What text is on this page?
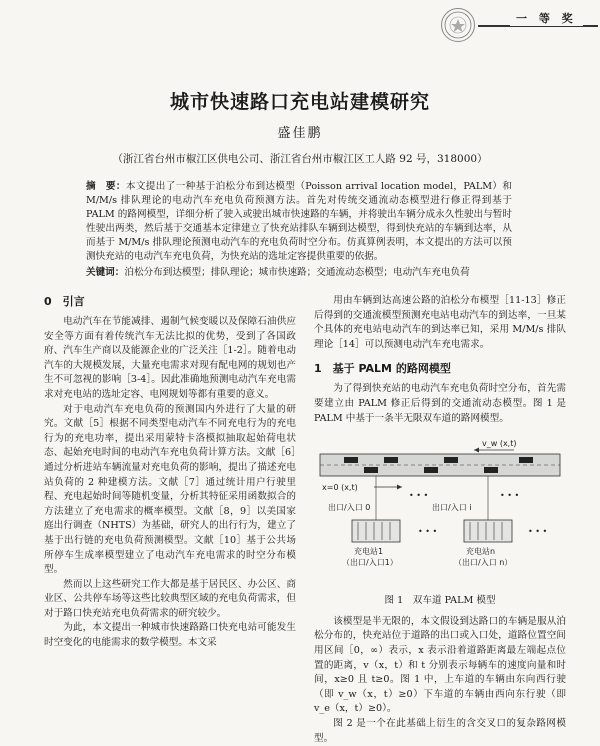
一 等 奖
城市快速路口充电站建模研究
盛佳鹏
（浙江省台州市椒江区供电公司、浙江省台州市椒江区工人路 92 号，318000）
摘　要：本文提出了一种基于泊松分布到达模型（Poisson arrival location model，PALM）和 M/M/s 排队理论的电动汽车充电负荷预测方法。首先对传统交通流动态模型进行修正得到基于 PALM 的路网模型，详细分析了驶入或驶出城市快速路的车辆，并将驶出车辆分成永久性驶出与暂时性驶出两类，然后基于交通基本定律建立了快充站排队车辆到达模型，得到快充站的车辆到达率，从而基于 M/M/s 排队理论预测电动汽车的充电负荷时空分布。仿真算例表明，本文提出的方法可以预测快充站的电动汽车充电负荷，为快充站的选址定容提供重要的依据。
关键词：泊松分布到达模型；排队理论；城市快速路；交通流动态模型；电动汽车充电负荷
0　引言

电动汽车在节能减排、遏制气候变暖以及保障石油供应安全等方面有着传统汽车无法比拟的优势，受到了各国政府、汽车生产商以及能源企业的广泛关注［1-2］。随着电动汽车的大规模发展，大量充电需求对现有配电网的规划也产生不可忽视的影响［3-4］。因此准确地预测电动汽车充电需求对充电站的选址定容、电网规划等都有重要的意义。

对于电动汽车充电负荷的预测国内外进行了大量的研究。文献［5］根据不同类型电动汽车不同充电行为的充电行为的充电功率，提出采用蒙特卡洛模拟抽取起始荷电状态、起始充电时间的电动汽车充电负荷计算方法。文献［6］通过分析进站车辆流量对充电负荷的影响，提出了描述充电站负荷的 2 种建模方法。文献［7］通过统计用户行驶里程、充电起始时间等随机变量，分析其特征采用函数拟合的方法建立了充电需求的概率模型。文献［8，9］以美国家庭出行调查（NHTS）为基础，研究人的出行行为，建立了基于出行链的充电负荷预测模型。文献［10］基于公共场所停车生成率模型建立了电动汽车充电需求的时空分布模型。

然而以上这些研究工作大都是基于居民区、办公区、商业区、公共停车场等这些比较典型区域的充电负荷需求，但对于路口快充站充电负荷需求的研究较少。

为此，本文提出一种城市快速路路口快充电站可能发生时空变化的电能需求的数学模型。本文采

用由车辆到达高速公路的泊松分布模型［11-13］修正后得到的交通流模型预测充电站电动汽车的到达率，一旦某个具体的充电站电动汽车的到达率已知，采用 M/M/s 排队理论［14］可以预测电动汽车充电需求。

1　基于 PALM 的路网模型

为了得到快充站的电动汽车充电负荷时空分布，首先需要建立由 PALM 修正后得到的交通流动态模型。图 1 是 PALM 中基于一条半无限双车道的路网模型。

v_w (x,t)
x=0 (x,t)
出口/入口 0	出口/入口 i
• • •	• • •
充电站1
（出口/入口1）
充电站n
（出口/入口 n）
• • •	• • •
图 1　双车道 PALM 模型

该模型是半无限的，本文假设到达路口的车辆是服从泊松分布的，快充站位于道路的出口或入口处，道路位置空间用区间［0，∞）表示，x 表示沿着道路距离最左端起点位置的距离，v（x，t）和 t 分别表示每辆车的速度向量和时间，x≥0 且 t≥0。图 1 中，上车道的车辆由东向西行驶（即 v_w（x，t）≥0）下车道的车辆由西向东行驶（即 v_e（x，t）≥0）。

图 2 是一个在此基础上衍生的含交叉口的复杂路网模型。
